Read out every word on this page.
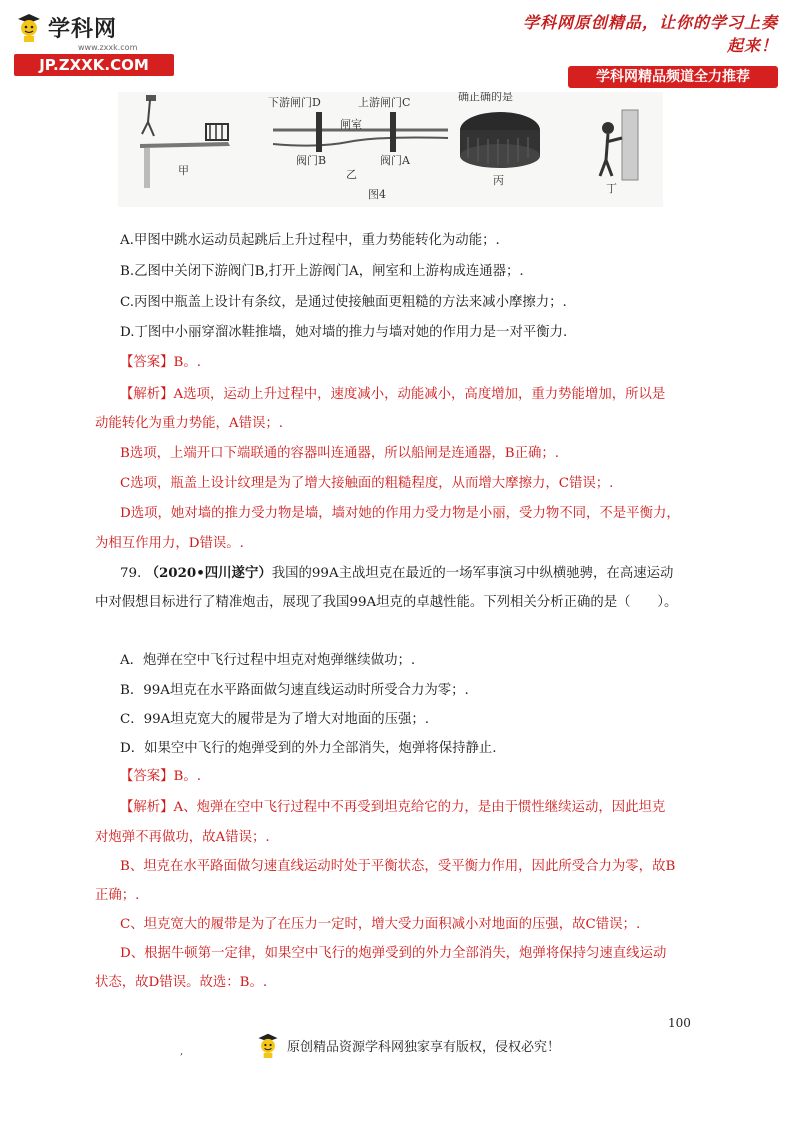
学科网
www.zxxk.com
JP.ZXXK.COM
学科网原创精品，让你的学习上奏起来！
学科网精品频道全力推荐
甲
下游闸门D	上游闸门C
闸室
阀门B	阀门A
乙
图4
确正确的是
丙
丁
A.甲图中跳水运动员起跳后上升过程中，重力势能转化为动能；.
B.乙图中关闭下游阀门B,打开上游阀门A，闸室和上游构成连通器；.
C.丙图中瓶盖上设计有条纹，是通过使接触面更粗糙的方法来减小摩擦力；.
D.丁图中小丽穿溜冰鞋推墙，她对墙的推力与墙对她的作用力是一对平衡力.
【答案】B。.
【解析】A选项，运动上升过程中，速度减小，动能减小，高度增加，重力势能增加，所以是
动能转化为重力势能，A错误；.
B选项，上端开口下端联通的容器叫连通器，所以船闸是连通器，B正确；.
C选项，瓶盖上设计纹理是为了增大接触面的粗糙程度，从而增大摩擦力，C错误；.
D选项，她对墙的推力受力物是墙，墙对她的作用力受力物是小丽，受力物不同，不是平衡力，
为相互作用力，D错误。.
79. （2020•四川遂宁）我国的99A主战坦克在最近的一场军事演习中纵横驰骋，在高速运动
中对假想目标进行了精准炮击，展现了我国99A坦克的卓越性能。下列相关分析正确的是（　　）。
A．炮弹在空中飞行过程中坦克对炮弹继续做功；.
B．99A坦克在水平路面做匀速直线运动时所受合力为零；.
C．99A坦克宽大的履带是为了增大对地面的压强；.
D．如果空中飞行的炮弹受到的外力全部消失，炮弹将保持静止.
【答案】B。.
【解析】A、炮弹在空中飞行过程中不再受到坦克给它的力，是由于惯性继续运动，因此坦克
对炮弹不再做功，故A错误；.
B、坦克在水平路面做匀速直线运动时处于平衡状态，受平衡力作用，因此所受合力为零，故B
正确；.
C、坦克宽大的履带是为了在压力一定时，增大受力面积减小对地面的压强，故C错误；.
D、根据牛顿第一定律，如果空中飞行的炮弹受到的外力全部消失，炮弹将保持匀速直线运动
状态，故D错误。故选：B。.
100
,	原创精品资源学科网独家享有版权，侵权必究！
